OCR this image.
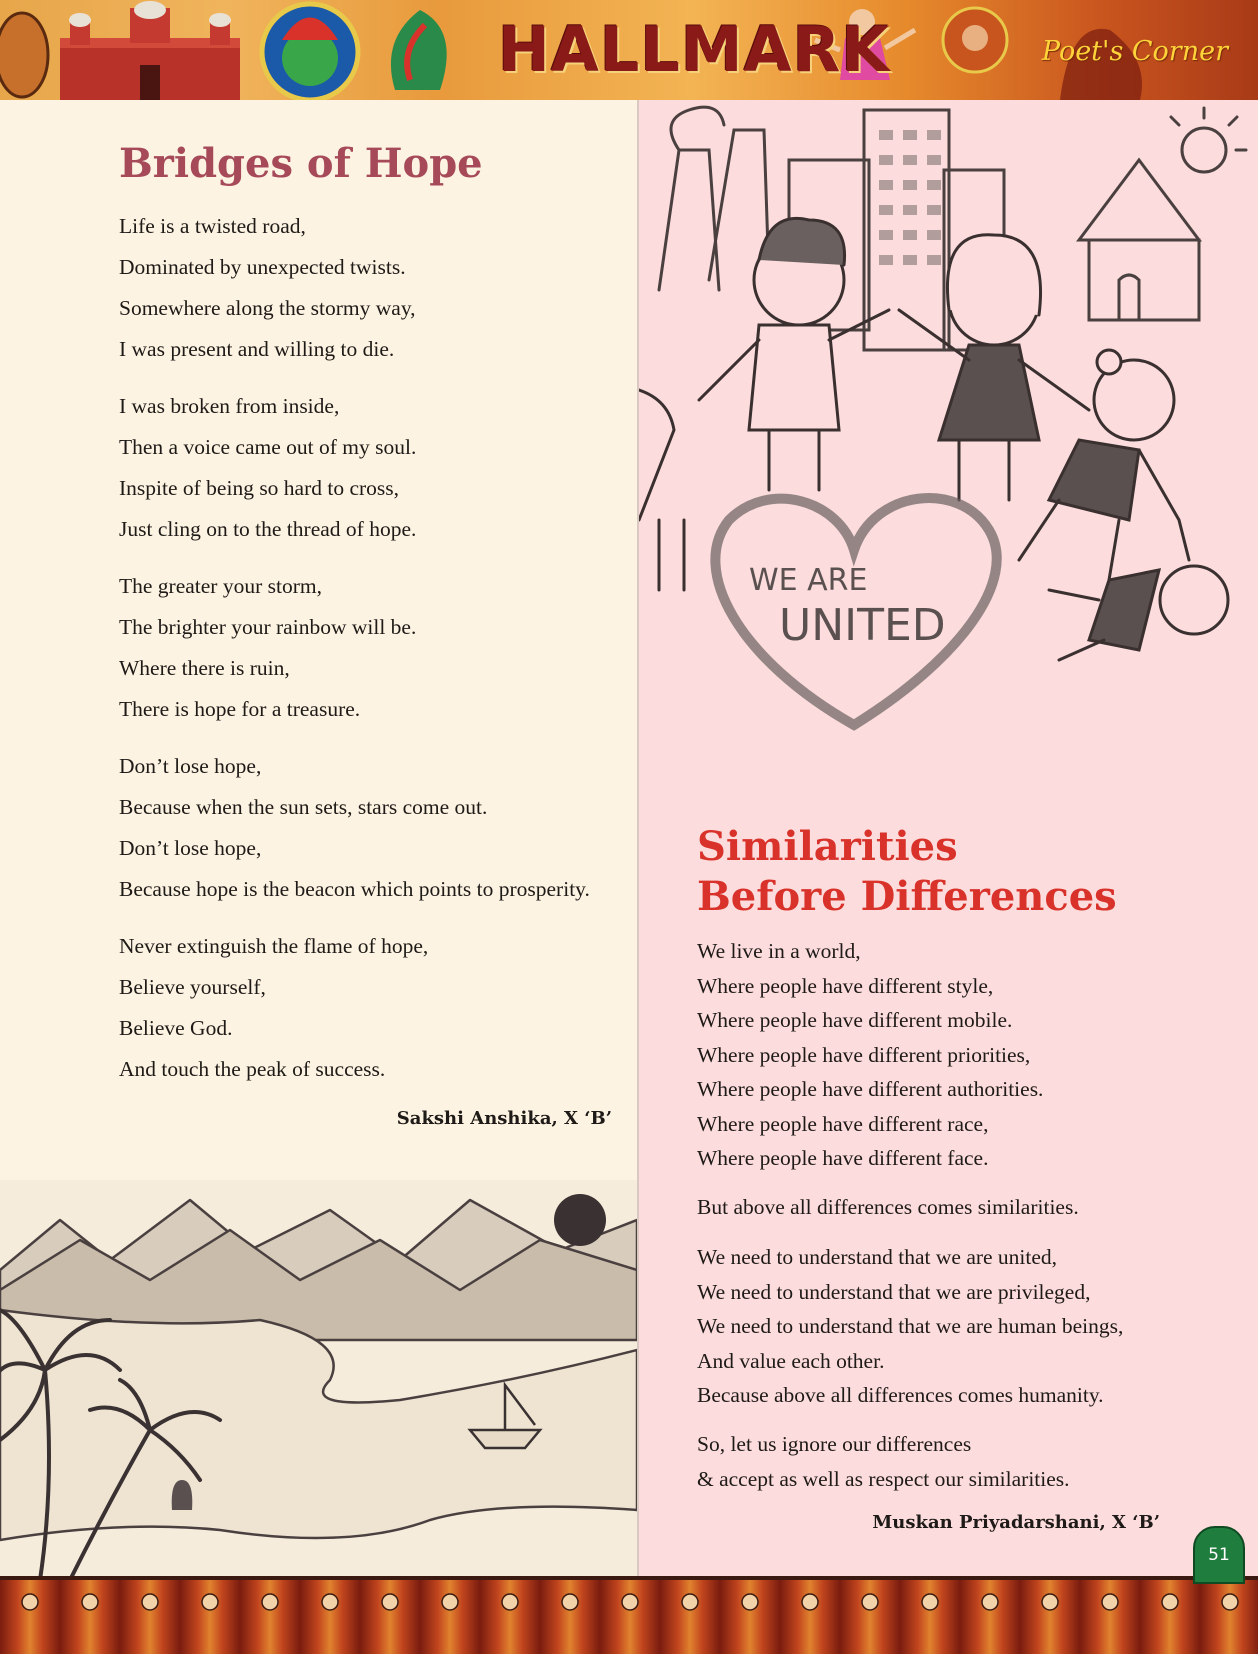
HALLMARK	Poet's Corner
WE ARE
UNITED
Bridges of Hope
Life is a twisted road,
Dominated by unexpected twists.
Somewhere along the stormy way,
I was present and willing to die.
I was broken from inside,
Then a voice came out of my soul.
Inspite of being so hard to cross,
Just cling on to the thread of hope.
The greater your storm,
The brighter your rainbow will be.
Where there is ruin,
There is hope for a treasure.
Don’t lose hope,
Because when the sun sets, stars come out.
Don’t lose hope,
Because hope is the beacon which points to prosperity.
Never extinguish the flame of hope,
Believe yourself,
Believe God.
And touch the peak of success.
Sakshi Anshika, X ‘B’
Similarities
Before Differences
We live in a world,
Where people have different style,
Where people have different mobile.
Where people have different priorities,
Where people have different authorities.
Where people have different race,
Where people have different face.
But above all differences comes similarities.
We need to understand that we are united,
We need to understand that we are privileged,
We need to understand that we are human beings,
And value each other.
Because above all differences comes humanity.
So, let us ignore our differences
& accept as well as respect our similarities.
Muskan Priyadarshani, X ‘B’
51
